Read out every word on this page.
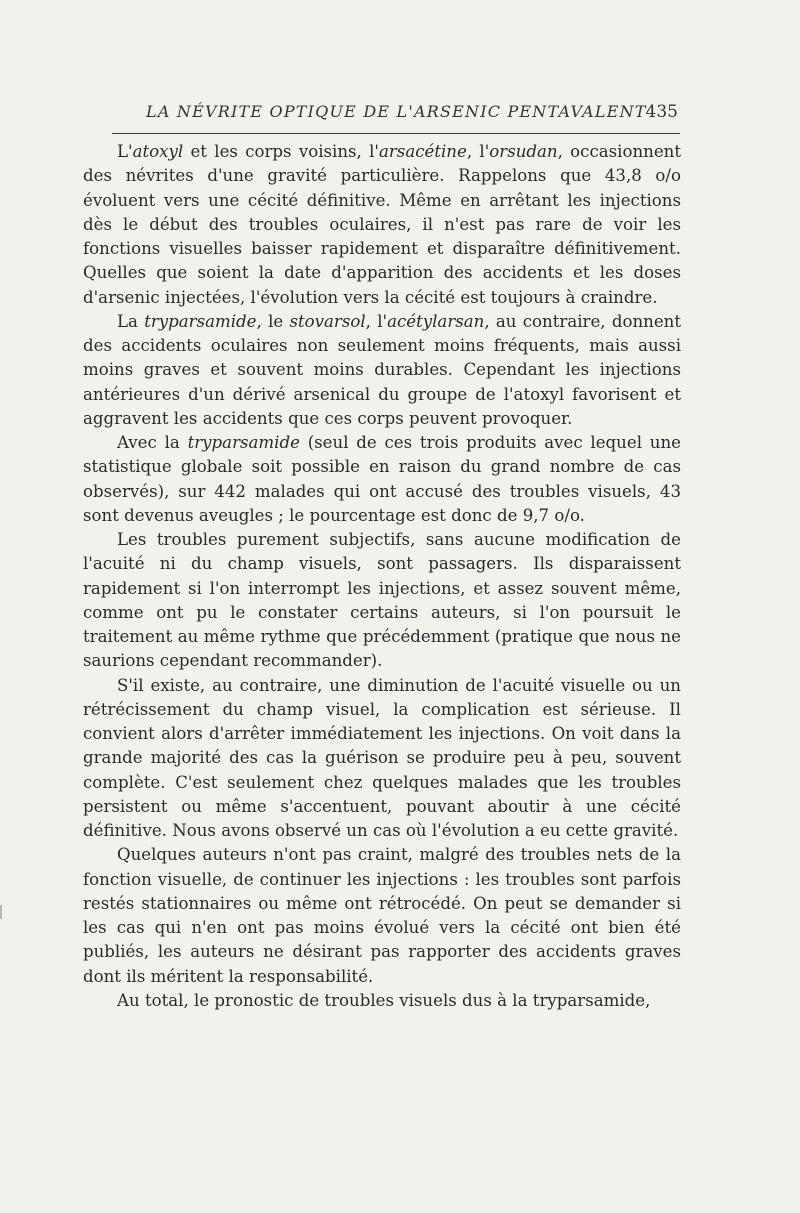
LA NÉVRITE OPTIQUE DE L'ARSENIC PENTAVALENT
435

L'atoxyl et les corps voisins, l'arsacétine, l'orsudan, occasionnent des névrites d'une gravité particulière. Rappelons que 43,8 o/o évoluent vers une cécité définitive. Même en arrêtant les injections dès le début des troubles oculaires, il n'est pas rare de voir les fonctions visuelles baisser rapidement et disparaître définitivement. Quelles que soient la date d'apparition des accidents et les doses d'arsenic injectées, l'évolution vers la cécité est toujours à craindre.

La tryparsamide, le stovarsol, l'acétylarsan, au contraire, donnent des accidents oculaires non seulement moins fréquents, mais aussi moins graves et souvent moins durables. Cependant les injections antérieures d'un dérivé arsenical du groupe de l'atoxyl favorisent et aggravent les accidents que ces corps peuvent provoquer.

Avec la tryparsamide (seul de ces trois produits avec lequel une statistique globale soit possible en raison du grand nombre de cas observés), sur 442 malades qui ont accusé des troubles visuels, 43 sont devenus aveugles ; le pourcentage est donc de 9,7 o/o.

Les troubles purement subjectifs, sans aucune modification de l'acuité ni du champ visuels, sont passagers. Ils disparaissent rapidement si l'on interrompt les injections, et assez souvent même, comme ont pu le constater certains auteurs, si l'on poursuit le traitement au même rythme que précédemment (pratique que nous ne saurions cependant recommander).

S'il existe, au contraire, une diminution de l'acuité visuelle ou un rétrécissement du champ visuel, la complication est sérieuse. Il convient alors d'arrêter immédiatement les injections. On voit dans la grande majorité des cas la guérison se produire peu à peu, souvent complète. C'est seulement chez quelques malades que les troubles persistent ou même s'accentuent, pouvant aboutir à une cécité définitive. Nous avons observé un cas où l'évolution a eu cette gravité.

Quelques auteurs n'ont pas craint, malgré des troubles nets de la fonction visuelle, de continuer les injections : les troubles sont parfois restés stationnaires ou même ont rétrocédé. On peut se demander si les cas qui n'en ont pas moins évolué vers la cécité ont bien été publiés, les auteurs ne désirant pas rapporter des accidents graves dont ils méritent la responsabilité.

Au total, le pronostic de troubles visuels dus à la tryparsamide,
